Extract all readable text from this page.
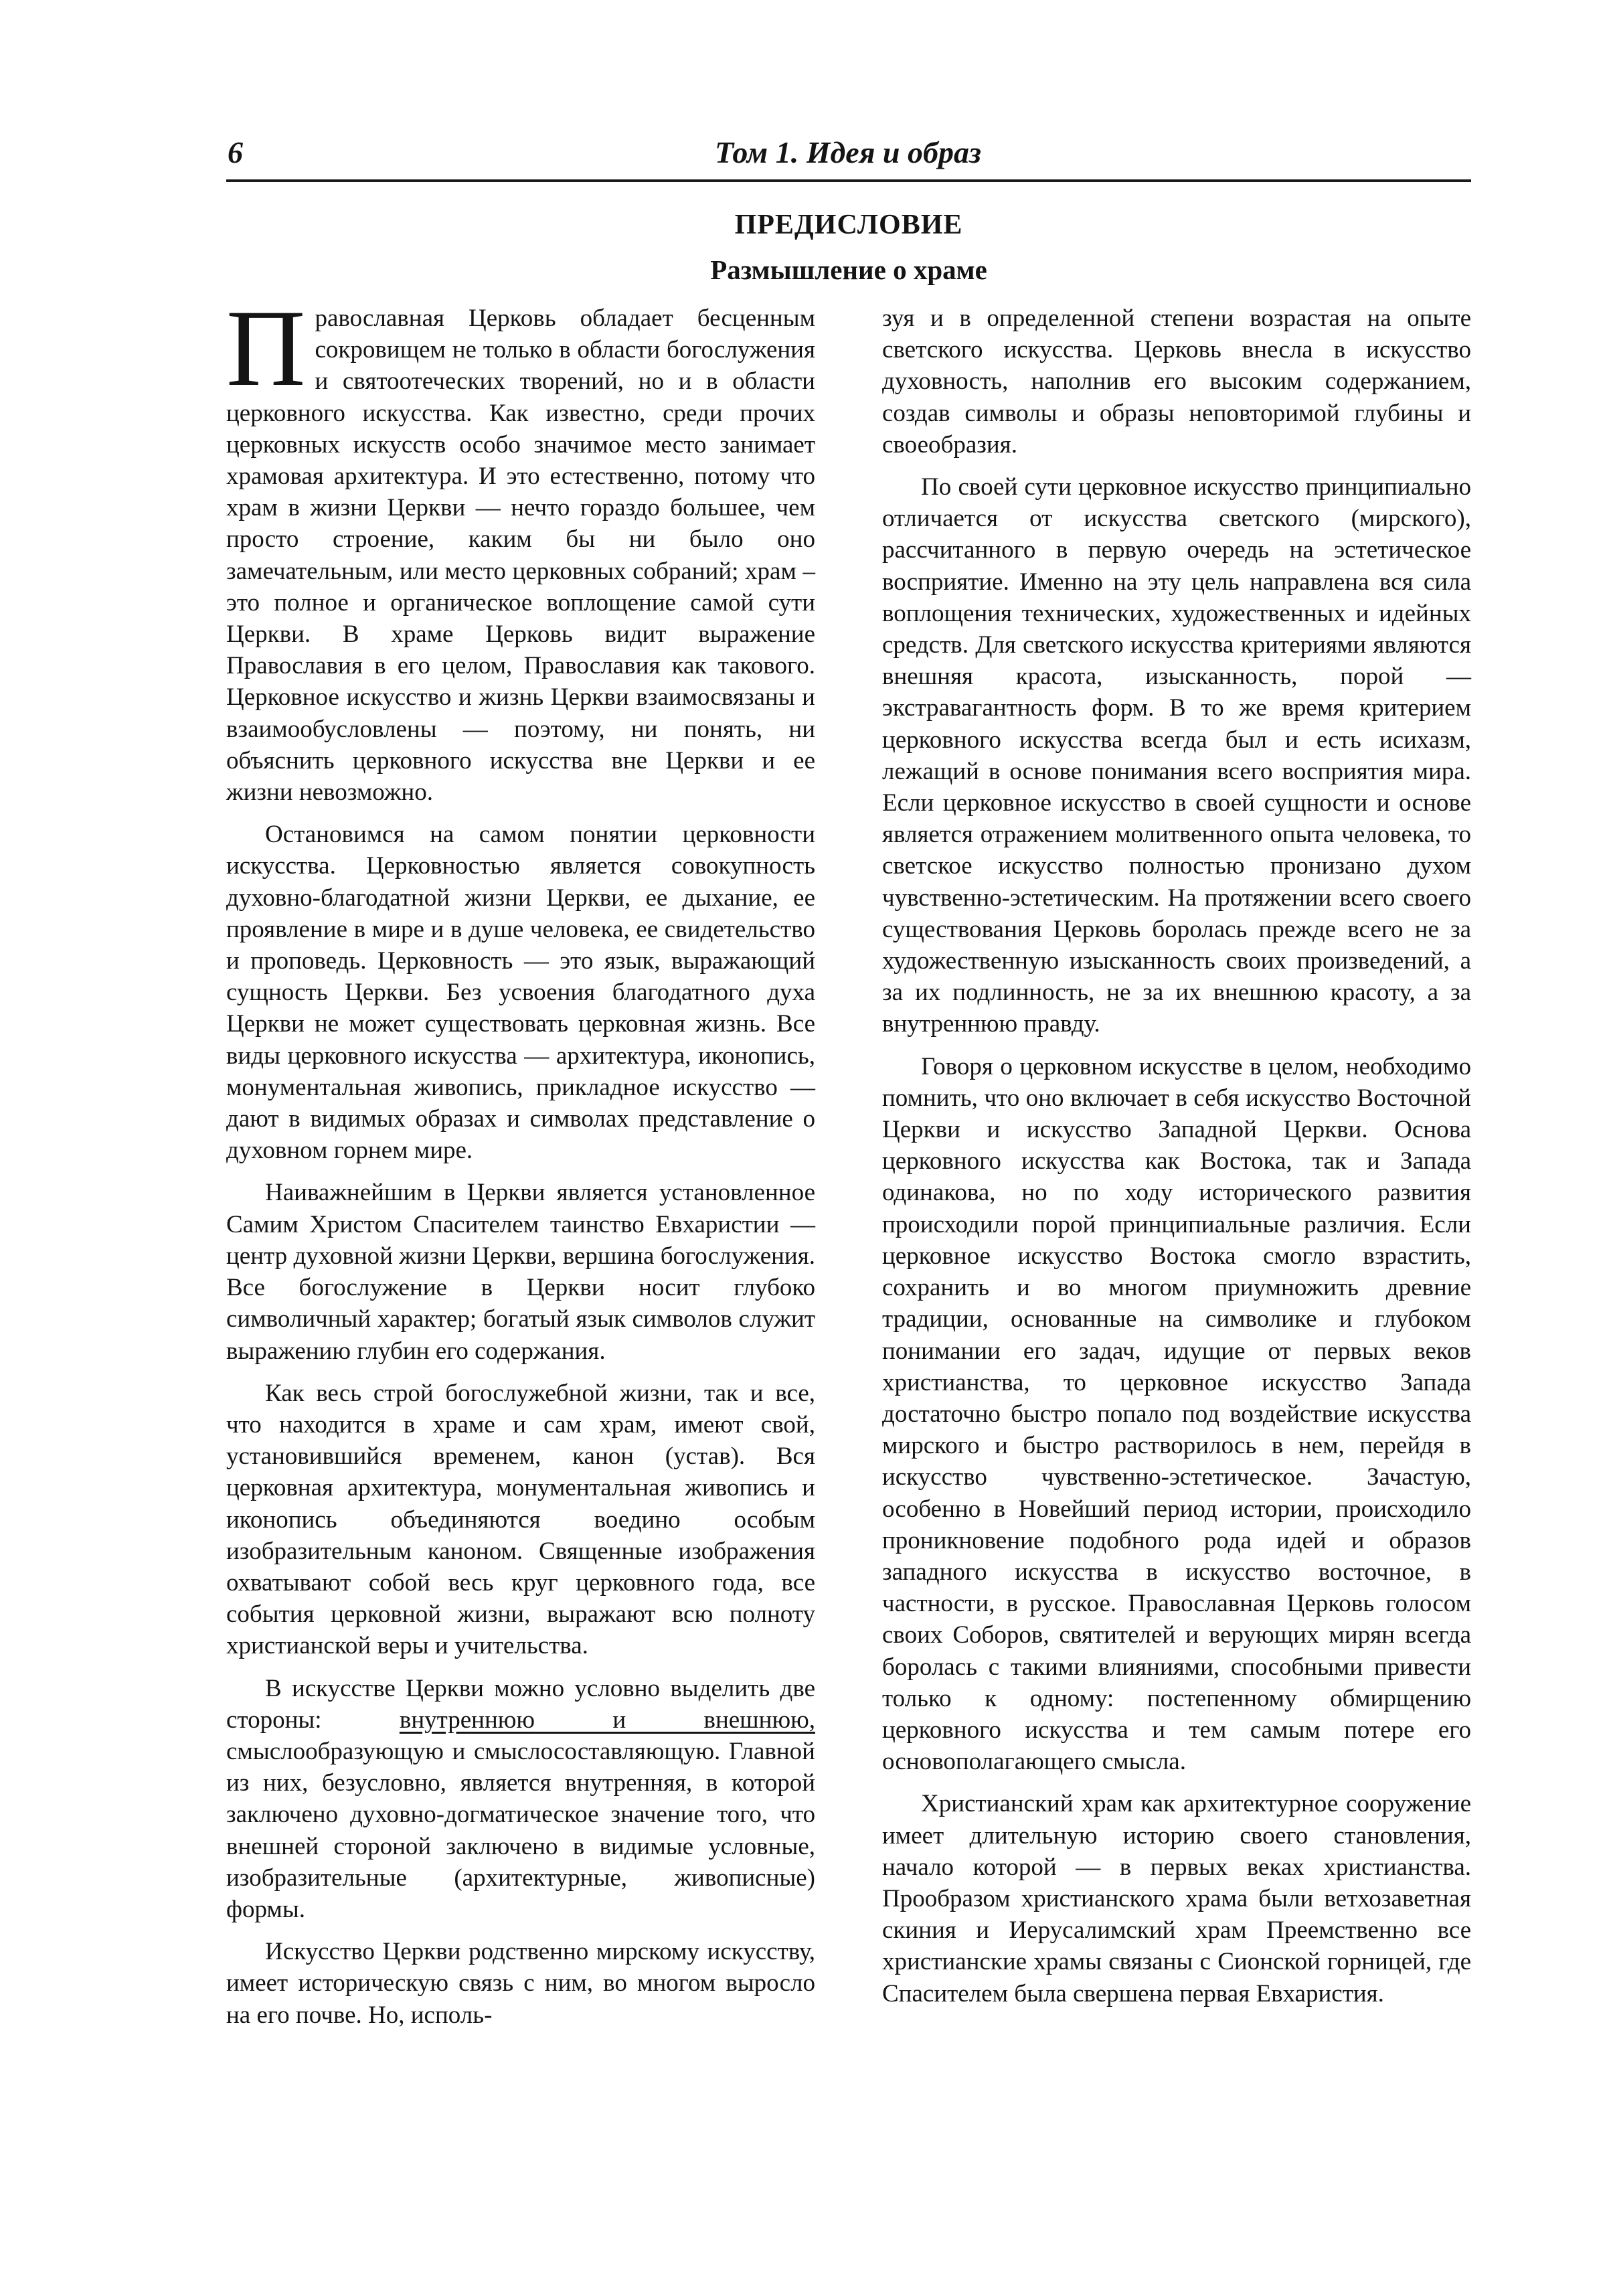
6	Том 1. Идея и образ
ПРЕДИСЛОВИЕ
Размышление о храме

Православная Церковь обладает бесценным сокровищем не только в области богослужения и святоотеческих творений, но и в области церковного искусства. Как известно, среди прочих церковных искусств особо значимое место занимает храмовая архитектура. И это естественно, потому что храм в жизни Церкви — нечто гораздо большее, чем просто строение, каким бы ни было оно замечательным, или место церковных собраний; храм – это полное и органическое воплощение самой сути Церкви. В храме Церковь видит выражение Православия в его целом, Православия как такового. Церковное искусство и жизнь Церкви взаимосвязаны и взаимообусловлены — поэтому, ни понять, ни объяснить церковного искусства вне Церкви и ее жизни невозможно.

Остановимся на самом понятии церковности искусства. Церковностью является совокупность духовно-благодатной жизни Церкви, ее дыхание, ее проявление в мире и в душе человека, ее свидетельство и проповедь. Церковность — это язык, выражающий сущность Церкви. Без усвоения благодатного духа Церкви не может существовать церковная жизнь. Все виды церковного искусства — архитектура, иконопись, монументальная живопись, прикладное искусство — дают в видимых образах и символах представление о духовном горнем мире.

Наиважнейшим в Церкви является установленное Самим Христом Спасителем таинство Евхаристии — центр духовной жизни Церкви, вершина богослужения. Все богослужение в Церкви носит глубоко символичный характер; богатый язык символов служит выражению глубин его содержания.

Как весь строй богослужебной жизни, так и все, что находится в храме и сам храм, имеют свой, установившийся временем, канон (устав). Вся церковная архитектура, монументальная живопись и иконопись объединяются воедино особым изобразительным каноном. Священные изображения охватывают собой весь круг церковного года, все события церковной жизни, выражают всю полноту христианской веры и учительства.

В искусстве Церкви можно условно выделить две стороны: внутреннюю и внешнюю, смыслообразующую и смыслосоставляющую. Главной из них, безусловно, является внутренняя, в которой заключено духовно-догматическое значение того, что внешней стороной заключено в видимые условные, изобразительные (архитектурные, живописные) формы.

Искусство Церкви родственно мирскому искусству, имеет историческую связь с ним, во многом выросло на его почве. Но, исполь-

зуя и в определенной степени возрастая на опыте светского искусства. Церковь внесла в искусство духовность, наполнив его высоким содержанием, создав символы и образы неповторимой глубины и своеобразия.

По своей сути церковное искусство принципиально отличается от искусства светского (мирского), рассчитанного в первую очередь на эстетическое восприятие. Именно на эту цель направлена вся сила воплощения технических, художественных и идейных средств. Для светского искусства критериями являются внешняя красота, изысканность, порой — экстравагантность форм. В то же время критерием церковного искусства всегда был и есть исихазм, лежащий в основе понимания всего восприятия мира. Если церковное искусство в своей сущности и основе является отражением молитвенного опыта человека, то светское искусство полностью пронизано духом чувственно-эстетическим. На протяжении всего своего существования Церковь боролась прежде всего не за художественную изысканность своих произведений, а за их подлинность, не за их внешнюю красоту, а за внутреннюю правду.

Говоря о церковном искусстве в целом, необходимо помнить, что оно включает в себя искусство Восточной Церкви и искусство Западной Церкви. Основа церковного искусства как Востока, так и Запада одинакова, но по ходу исторического развития происходили порой принципиальные различия. Если церковное искусство Востока смогло взрастить, сохранить и во многом приумножить древние традиции, основанные на символике и глубоком понимании его задач, идущие от первых веков христианства, то церковное искусство Запада достаточно быстро попало под воздействие искусства мирского и быстро растворилось в нем, перейдя в искусство чувственно-эстетическое. Зачастую, особенно в Новейший период истории, происходило проникновение подобного рода идей и образов западного искусства в искусство восточное, в частности, в русское. Православная Церковь голосом своих Соборов, святителей и верующих мирян всегда боролась с такими влияниями, способными привести только к одному: постепенному обмирщению церковного искусства и тем самым потере его основополагающего смысла.

Христианский храм как архитектурное сооружение имеет длительную историю своего становления, начало которой — в первых веках христианства. Прообразом христианского храма были ветхозаветная скиния и Иерусалимский храм Преемственно все христианские храмы связаны с Сионской горницей, где Спасителем была свершена первая Евхаристия.
